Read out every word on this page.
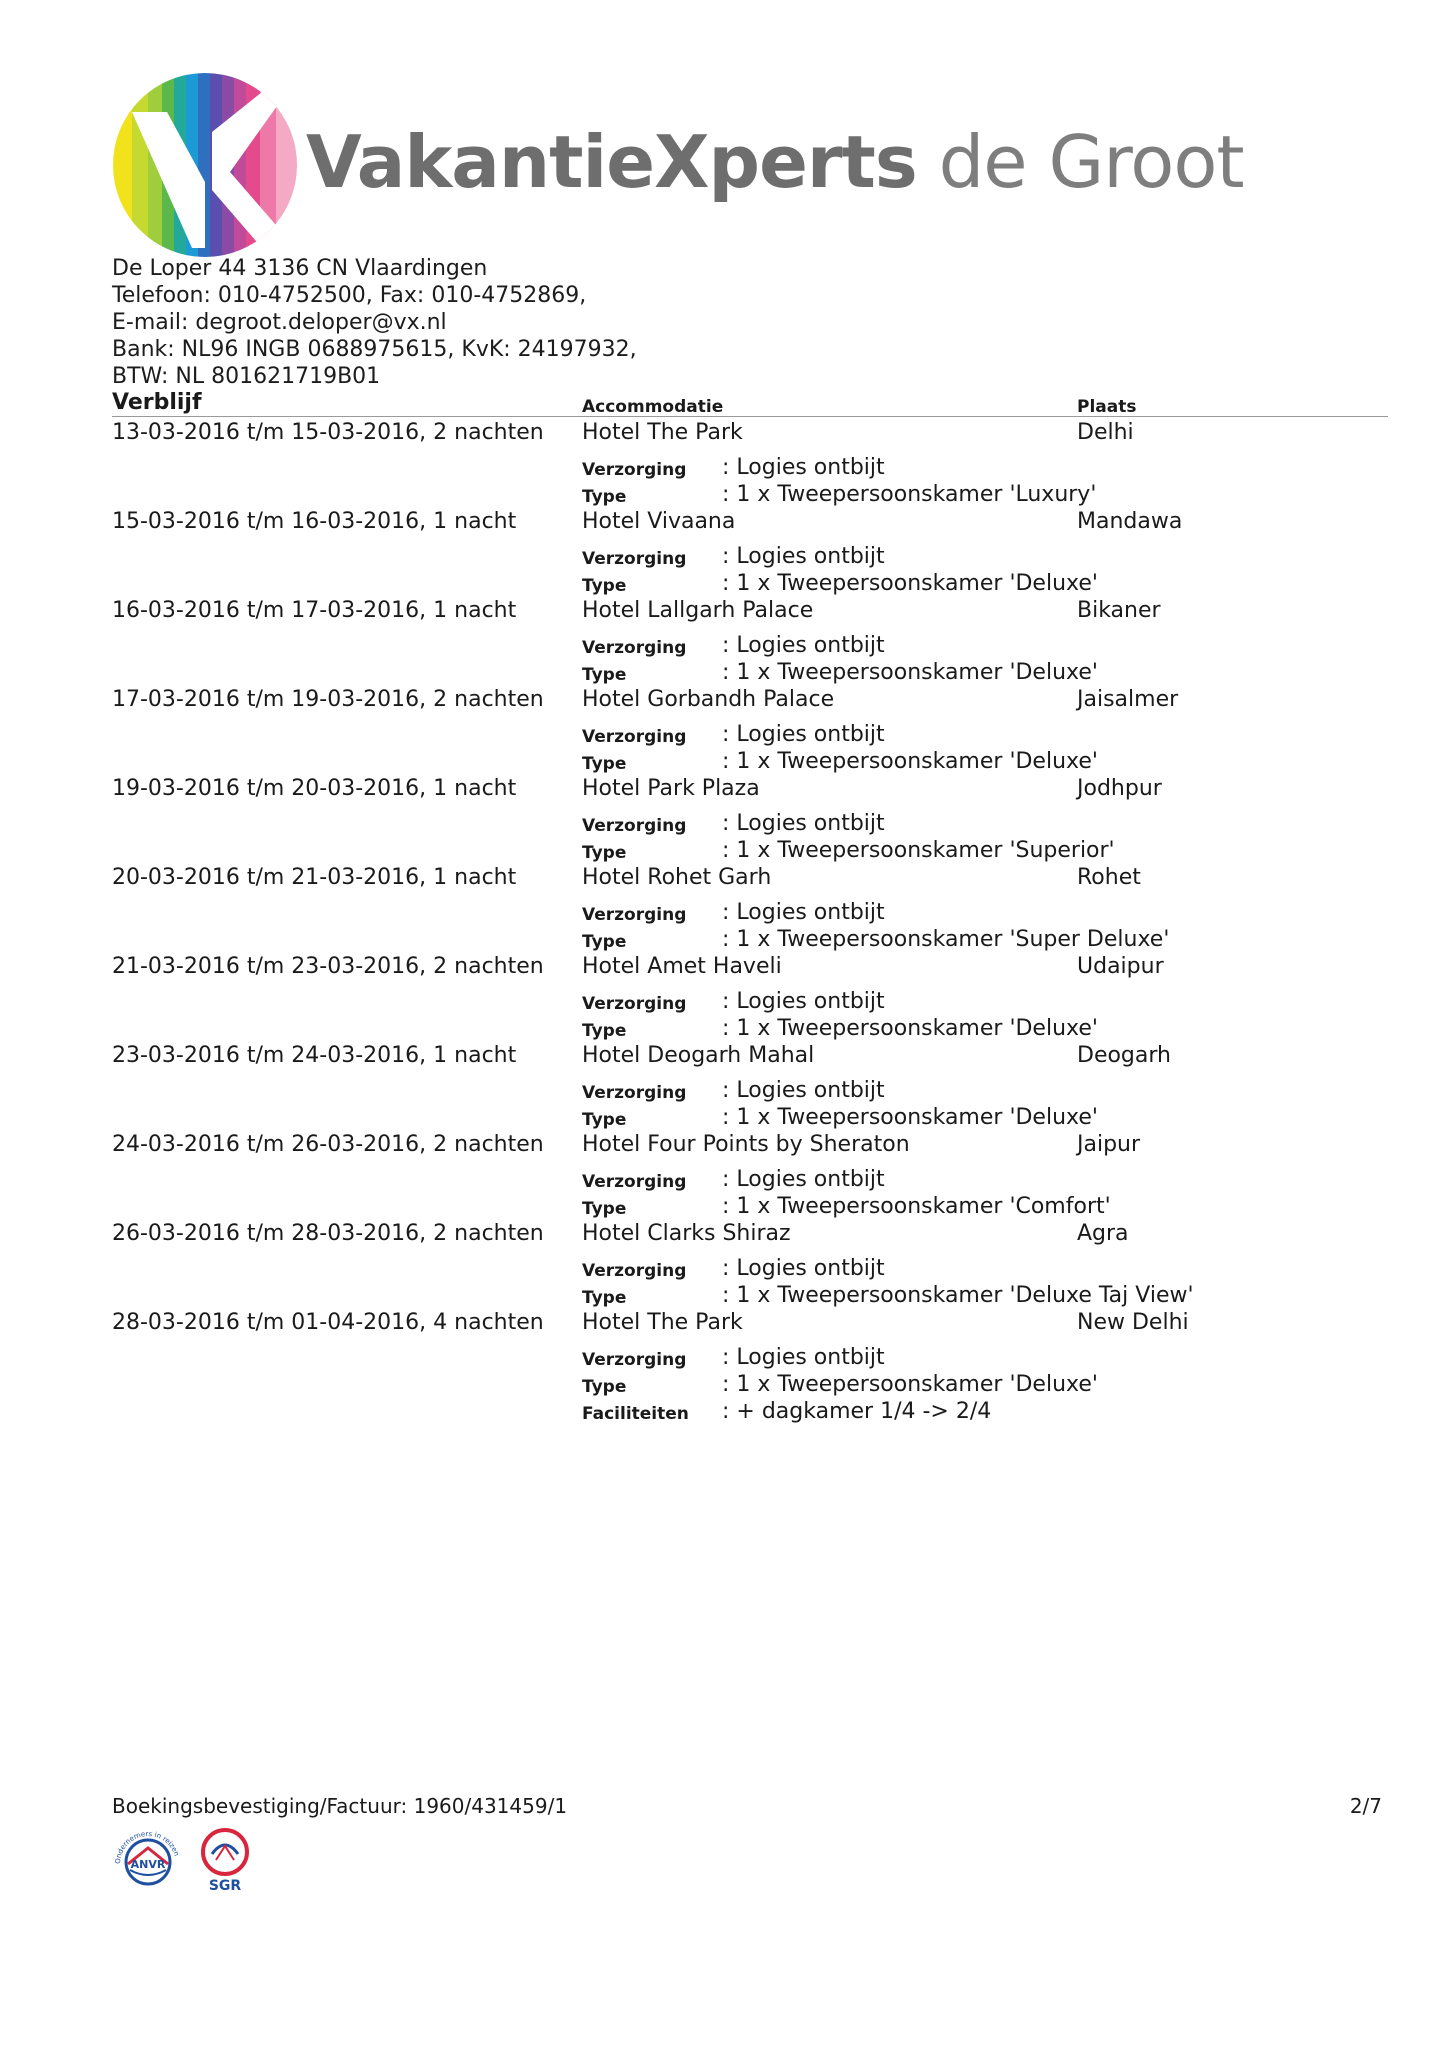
VakantieXperts de Groot
De Loper 44 3136 CN Vlaardingen
Telefoon: 010-4752500, Fax: 010-4752869,
E-mail: degroot.deloper@vx.nl
Bank: NL96 INGB 0688975615, KvK: 24197932,
BTW: NL 801621719B01
Verblijf	Accommodatie	Plaats
13-03-2016 t/m 15-03-2016, 2 nachten Hotel The Park	Delhi
Verzorging : Logies ontbijt
Type	: 1 x Tweepersoonskamer 'Luxury'
15-03-2016 t/m 16-03-2016, 1 nacht	Hotel Vivaana	Mandawa
Verzorging : Logies ontbijt
Type	: 1 x Tweepersoonskamer 'Deluxe'
16-03-2016 t/m 17-03-2016, 1 nacht	Hotel Lallgarh Palace	Bikaner
Verzorging : Logies ontbijt
Type	: 1 x Tweepersoonskamer 'Deluxe'
17-03-2016 t/m 19-03-2016, 2 nachten Hotel Gorbandh Palace	Jaisalmer
Verzorging : Logies ontbijt
Type	: 1 x Tweepersoonskamer 'Deluxe'
19-03-2016 t/m 20-03-2016, 1 nacht	Hotel Park Plaza	Jodhpur
Verzorging : Logies ontbijt
Type	: 1 x Tweepersoonskamer 'Superior'
20-03-2016 t/m 21-03-2016, 1 nacht	Hotel Rohet Garh	Rohet
Verzorging : Logies ontbijt
Type	: 1 x Tweepersoonskamer 'Super Deluxe'
21-03-2016 t/m 23-03-2016, 2 nachten Hotel Amet Haveli	Udaipur
Verzorging : Logies ontbijt
Type	: 1 x Tweepersoonskamer 'Deluxe'
23-03-2016 t/m 24-03-2016, 1 nacht	Hotel Deogarh Mahal	Deogarh
Verzorging : Logies ontbijt
Type	: 1 x Tweepersoonskamer 'Deluxe'
24-03-2016 t/m 26-03-2016, 2 nachten Hotel Four Points by Sheraton	Jaipur
Verzorging : Logies ontbijt
Type	: 1 x Tweepersoonskamer 'Comfort'
26-03-2016 t/m 28-03-2016, 2 nachten Hotel Clarks Shiraz	Agra
Verzorging : Logies ontbijt
Type	: 1 x Tweepersoonskamer 'Deluxe Taj View'
28-03-2016 t/m 01-04-2016, 4 nachten Hotel The Park	New Delhi
Verzorging : Logies ontbijt
Type	: 1 x Tweepersoonskamer 'Deluxe'
Faciliteiten : + dagkamer 1/4 -> 2/4
Boekingsbevestiging/Factuur: 1960/431459/1	2/7
ANVR
Ondernemers in reizen
SGR
